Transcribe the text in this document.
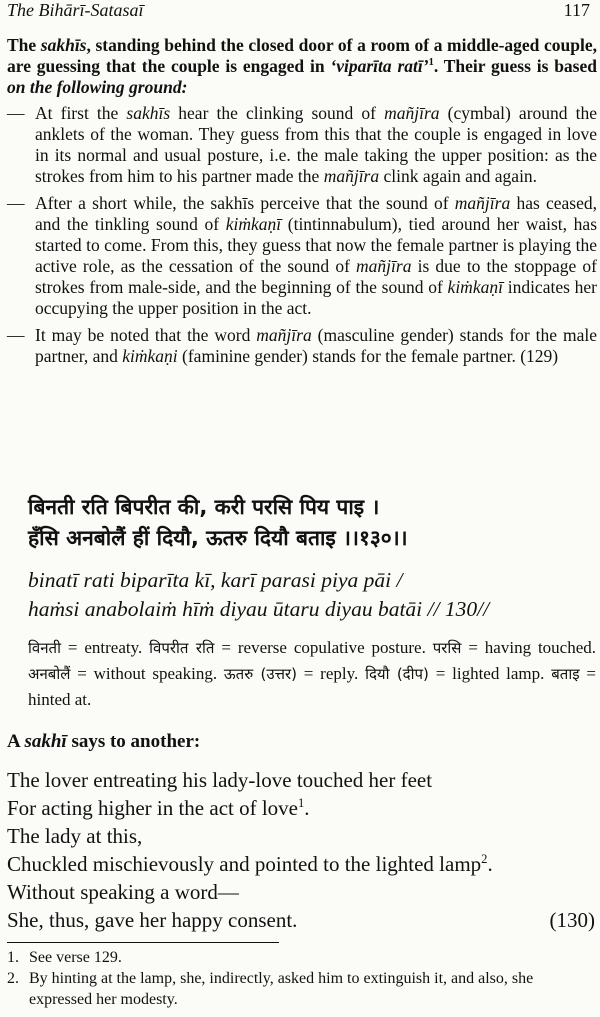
The Bihārī-Satasaī	117
The sakhīs, standing behind the closed door of a room of a middle-aged couple, are guessing that the couple is engaged in ‘viparīta ratī’$^1$. Their guess is based on the following ground:
— At first the sakhīs hear the clinking sound of mañjīra (cymbal) around the anklets of the woman. They guess from this that the couple is engaged in love in its normal and usual posture, i.e. the male taking the upper position: as the strokes from him to his partner made the mañjīra clink again and again.
— After a short while, the sakhīs perceive that the sound of mañjīra has ceased, and the tinkling sound of kiṁkaṇī (tintinnabulum), tied around her waist, has started to come. From this, they guess that now the female partner is playing the active role, as the cessation of the sound of mañjīra is due to the stoppage of strokes from male-side, and the beginning of the sound of kiṁkaṇī indicates her occupying the upper position in the act.
— It may be noted that the word mañjīra (masculine gender) stands for the male partner, and kiṁkaṇi (faminine gender) stands for the female partner. (129)
बिनती रति बिपरीत की, करी परसि पिय पाइ ।
हँसि अनबोलैं हीं दियौ, ऊतरु दियौ बताइ ।।१३०।।
binatī rati biparīta kī, karī parasi piya pāi /
haṁsi anabolaiṁ hīṁ diyau ūtaru diyau batāi // 130//
विनती = entreaty. विपरीत रति = reverse copulative posture. परसि = having touched. अनबोलैं = without speaking. ऊतरु (उत्तर) = reply. दियौ (दीप) = lighted lamp. बताइ = hinted at.
A sakhī says to another:
The lover entreating his lady-love touched her feet
For acting higher in the act of love$^1$.
The lady at this,
Chuckled mischievously and pointed to the lighted lamp$^2$.
Without speaking a word—
She, thus, gave her happy consent.	(130)
1. See verse 129.
2. By hinting at the lamp, she, indirectly, asked him to extinguish it, and also, she expressed her modesty.
